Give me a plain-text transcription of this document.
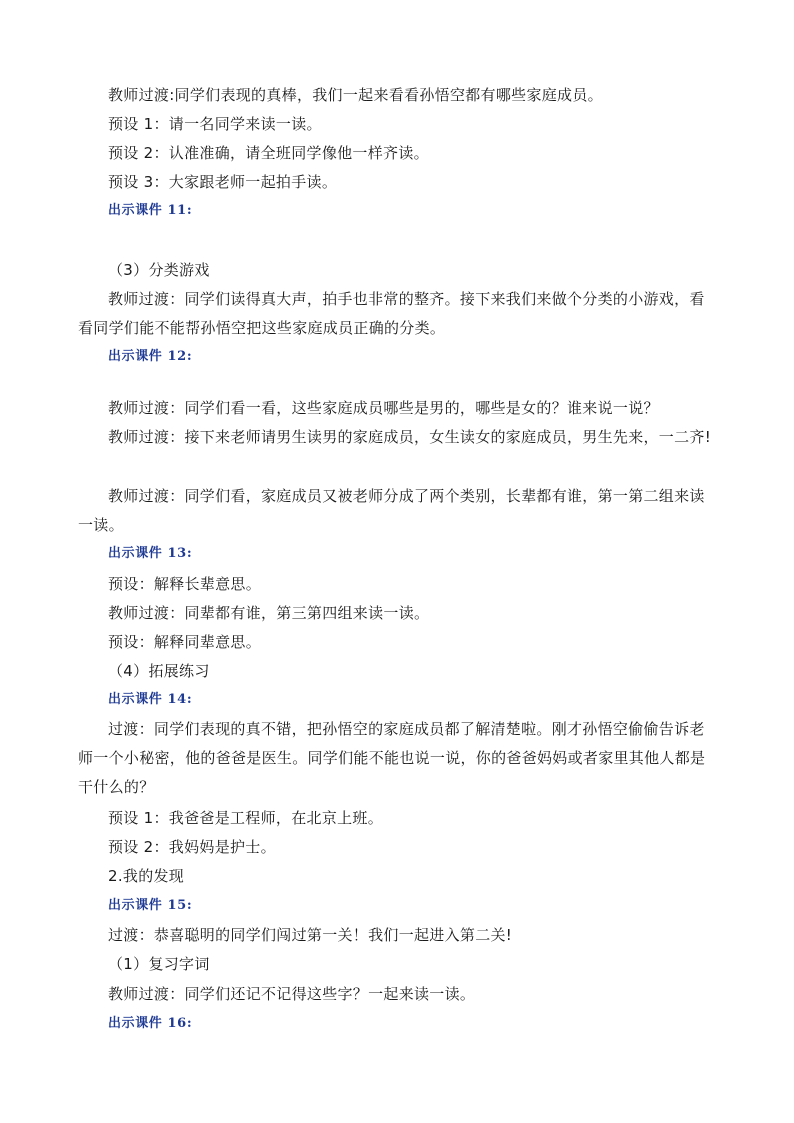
教师过渡:同学们表现的真棒，我们一起来看看孙悟空都有哪些家庭成员。
预设 1：请一名同学来读一读。
预设 2：认准准确，请全班同学像他一样齐读。
预设 3：大家跟老师一起拍手读。
出示课件 11:
（3）分类游戏
教师过渡：同学们读得真大声，拍手也非常的整齐。接下来我们来做个分类的小游戏，看看同学们能不能帮孙悟空把这些家庭成员正确的分类。
出示课件 12:
教师过渡：同学们看一看，这些家庭成员哪些是男的，哪些是女的？谁来说一说？
教师过渡：接下来老师请男生读男的家庭成员，女生读女的家庭成员，男生先来，一二齐!
教师过渡：同学们看，家庭成员又被老师分成了两个类别，长辈都有谁，第一第二组来读一读。
出示课件 13:
预设：解释长辈意思。
教师过渡：同辈都有谁，第三第四组来读一读。
预设：解释同辈意思。
（4）拓展练习
出示课件 14:
过渡：同学们表现的真不错，把孙悟空的家庭成员都了解清楚啦。刚才孙悟空偷偷告诉老师一个小秘密，他的爸爸是医生。同学们能不能也说一说，你的爸爸妈妈或者家里其他人都是干什么的？
预设 1：我爸爸是工程师，在北京上班。
预设 2：我妈妈是护士。
2.我的发现
出示课件 15:
过渡：恭喜聪明的同学们闯过第一关！我们一起进入第二关!
（1）复习字词
教师过渡：同学们还记不记得这些字？一起来读一读。
出示课件 16:
